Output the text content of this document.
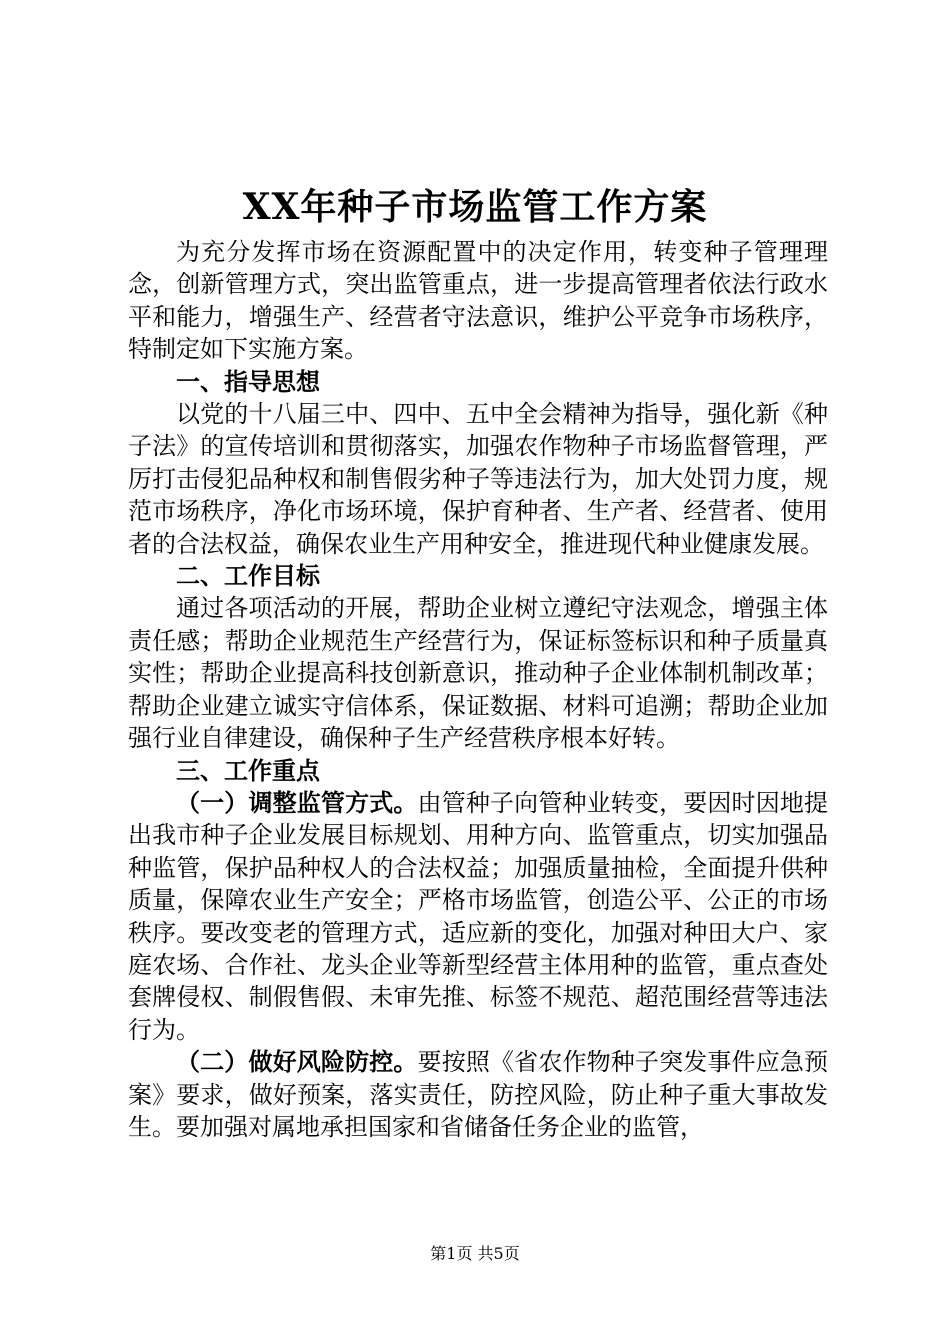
XX年种子市场监管工作方案

为充分发挥市场在资源配置中的决定作用，转变种子管理理念，创新管理方式，突出监管重点，进一步提高管理者依法行政水平和能力，增强生产、经营者守法意识，维护公平竞争市场秩序，特制定如下实施方案。

一、指导思想

以党的十八届三中、四中、五中全会精神为指导，强化新《种子法》的宣传培训和贯彻落实，加强农作物种子市场监督管理，严厉打击侵犯品种权和制售假劣种子等违法行为，加大处罚力度，规范市场秩序，净化市场环境，保护育种者、生产者、经营者、使用者的合法权益，确保农业生产用种安全，推进现代种业健康发展。

二、工作目标

通过各项活动的开展，帮助企业树立遵纪守法观念，增强主体责任感；帮助企业规范生产经营行为，保证标签标识和种子质量真实性；帮助企业提高科技创新意识，推动种子企业体制机制改革；帮助企业建立诚实守信体系，保证数据、材料可追溯；帮助企业加强行业自律建设，确保种子生产经营秩序根本好转。

三、工作重点

（一）调整监管方式。由管种子向管种业转变，要因时因地提出我市种子企业发展目标规划、用种方向、监管重点，切实加强品种监管，保护品种权人的合法权益；加强质量抽检，全面提升供种质量，保障农业生产安全；严格市场监管，创造公平、公正的市场秩序。要改变老的管理方式，适应新的变化，加强对种田大户、家庭农场、合作社、龙头企业等新型经营主体用种的监管，重点查处套牌侵权、制假售假、未审先推、标签不规范、超范围经营等违法行为。

（二）做好风险防控。要按照《省农作物种子突发事件应急预案》要求，做好预案，落实责任，防控风险，防止种子重大事故发生。要加强对属地承担国家和省储备任务企业的监管，

第1页 共5页
